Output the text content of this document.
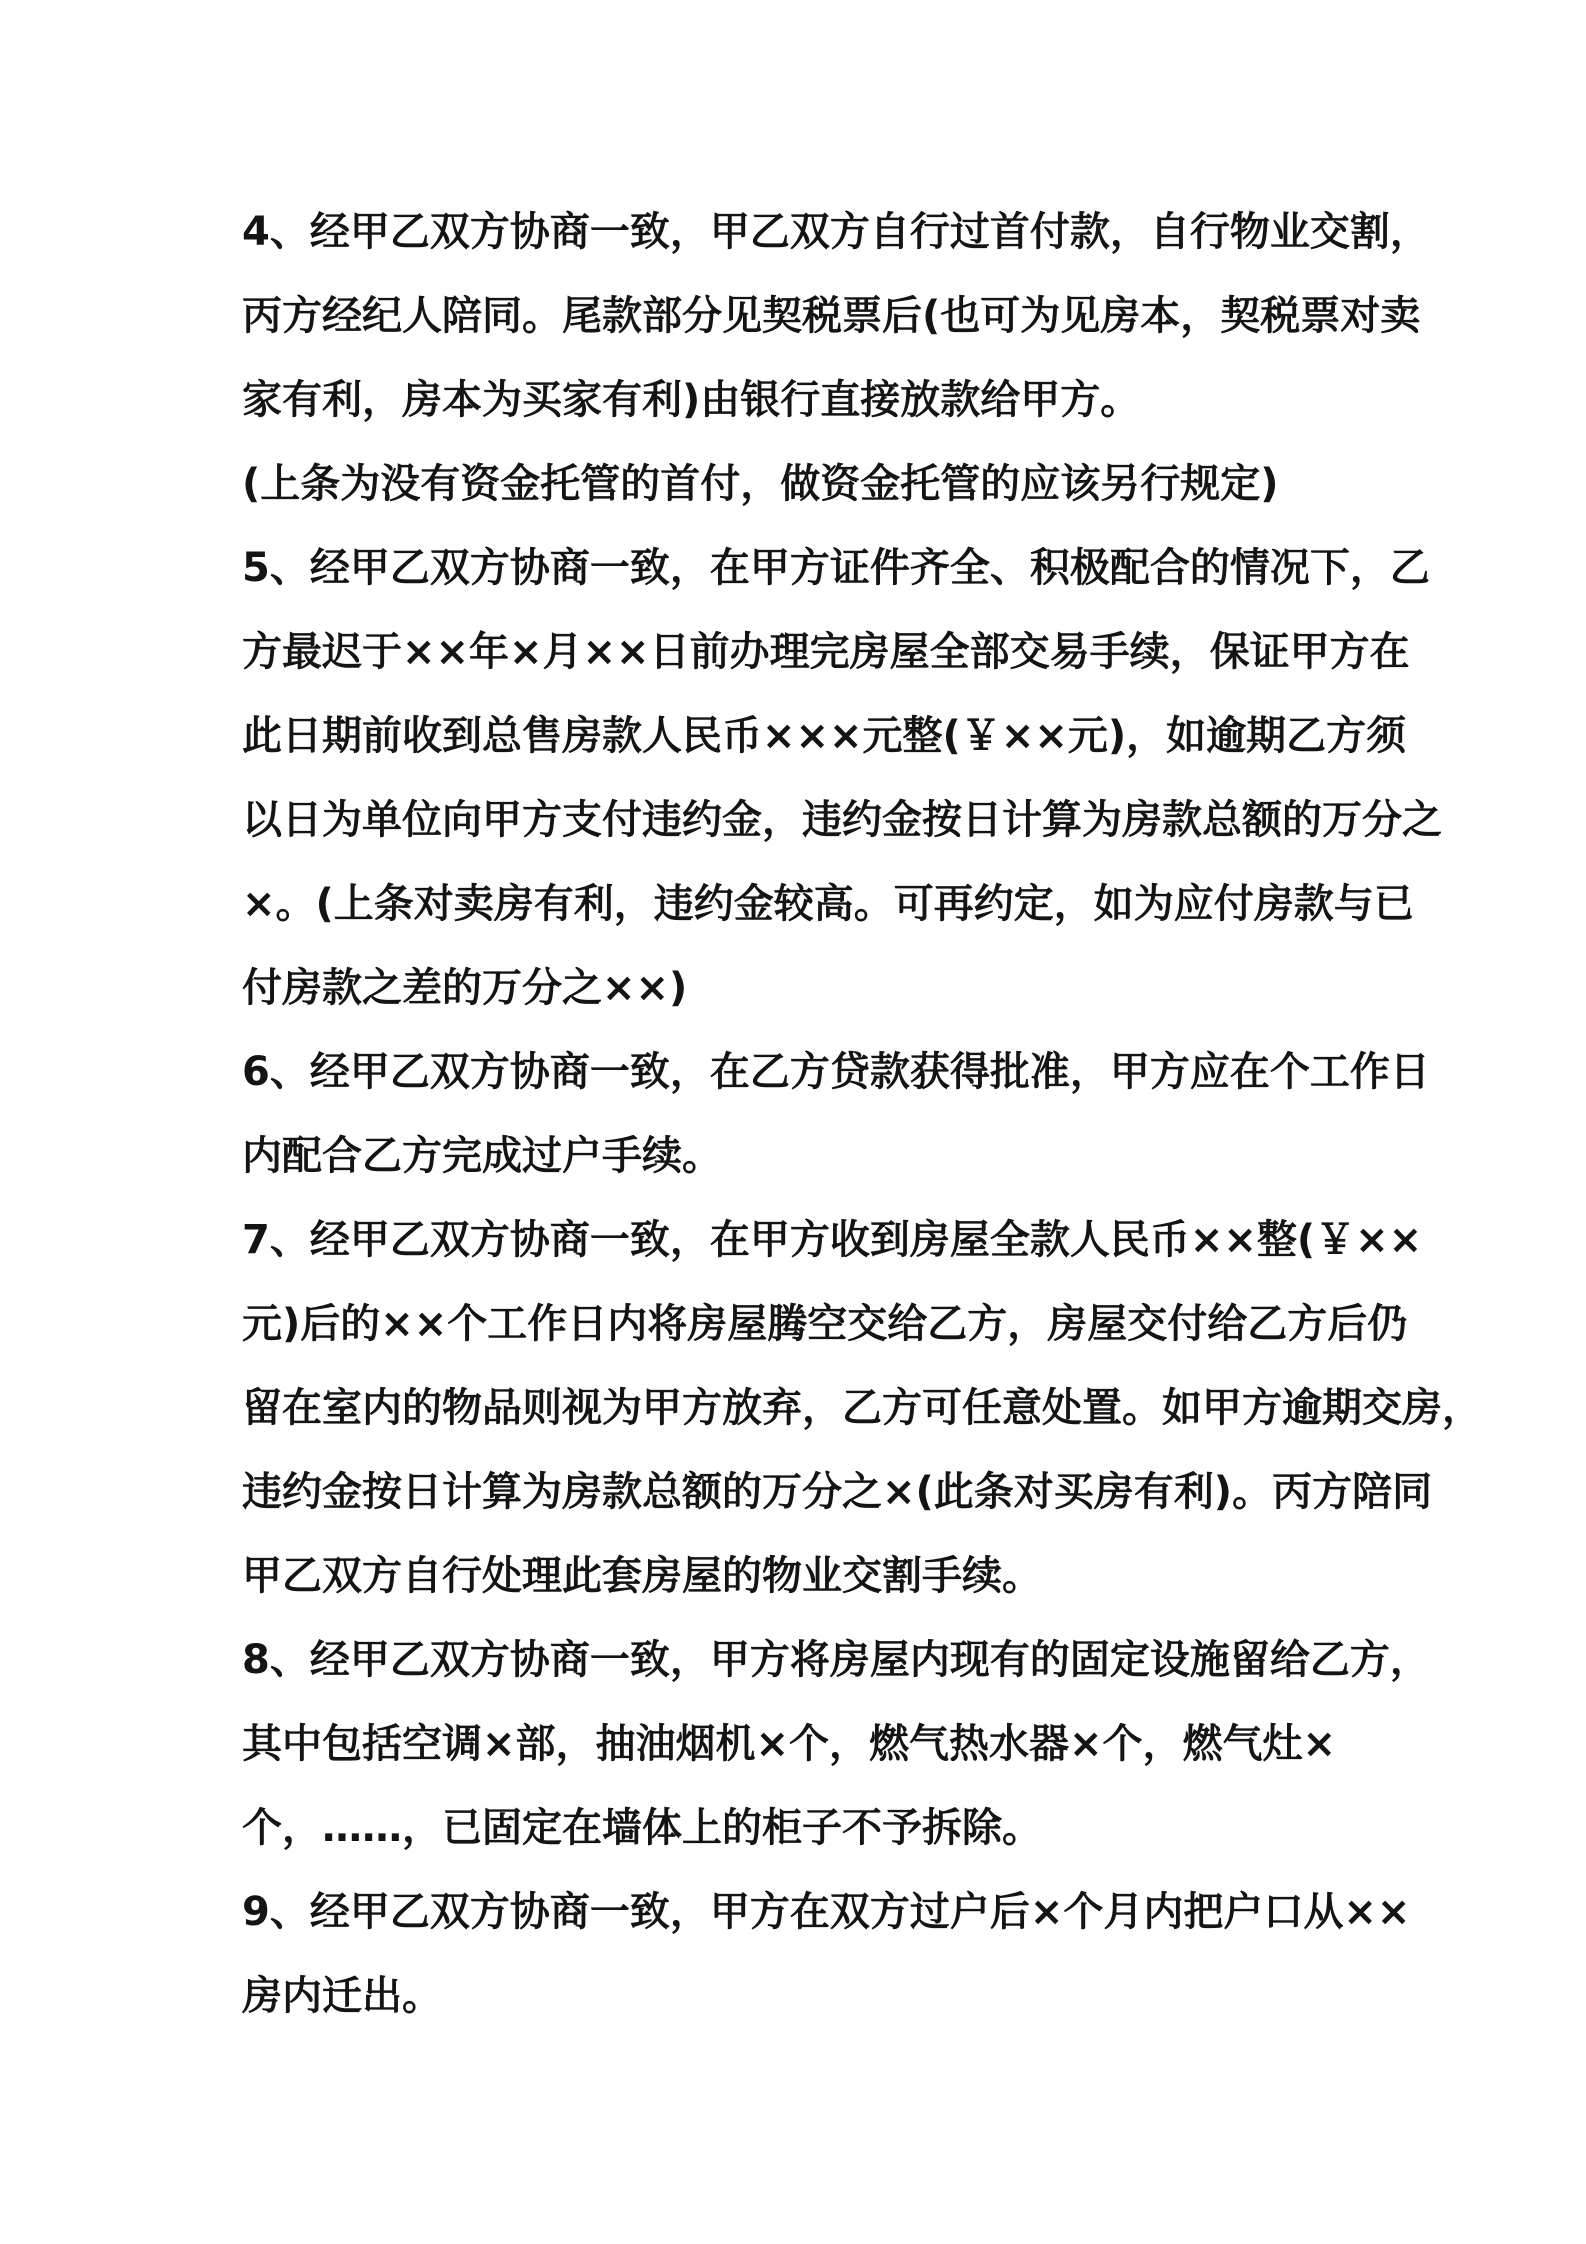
4、经甲乙双方协商一致，甲乙双方自行过首付款，自行物业交割，
丙方经纪人陪同。尾款部分见契税票后(也可为见房本，契税票对卖
家有利，房本为买家有利)由银行直接放款给甲方。
(上条为没有资金托管的首付，做资金托管的应该另行规定)
5、经甲乙双方协商一致，在甲方证件齐全、积极配合的情况下，乙
方最迟于××年×月××日前办理完房屋全部交易手续，保证甲方在
此日期前收到总售房款人民币×××元整(￥××元)，如逾期乙方须
以日为单位向甲方支付违约金，违约金按日计算为房款总额的万分之
×。(上条对卖房有利，违约金较高。可再约定，如为应付房款与已
付房款之差的万分之××)
6、经甲乙双方协商一致，在乙方贷款获得批准，甲方应在个工作日
内配合乙方完成过户手续。
7、经甲乙双方协商一致，在甲方收到房屋全款人民币××整(￥××
元)后的××个工作日内将房屋腾空交给乙方，房屋交付给乙方后仍
留在室内的物品则视为甲方放弃，乙方可任意处置。如甲方逾期交房，
违约金按日计算为房款总额的万分之×(此条对买房有利)。丙方陪同
甲乙双方自行处理此套房屋的物业交割手续。
8、经甲乙双方协商一致，甲方将房屋内现有的固定设施留给乙方，
其中包括空调×部，抽油烟机×个，燃气热水器×个，燃气灶×
个，……，已固定在墙体上的柜子不予拆除。
9、经甲乙双方协商一致，甲方在双方过户后×个月内把户口从××
房内迁出。
